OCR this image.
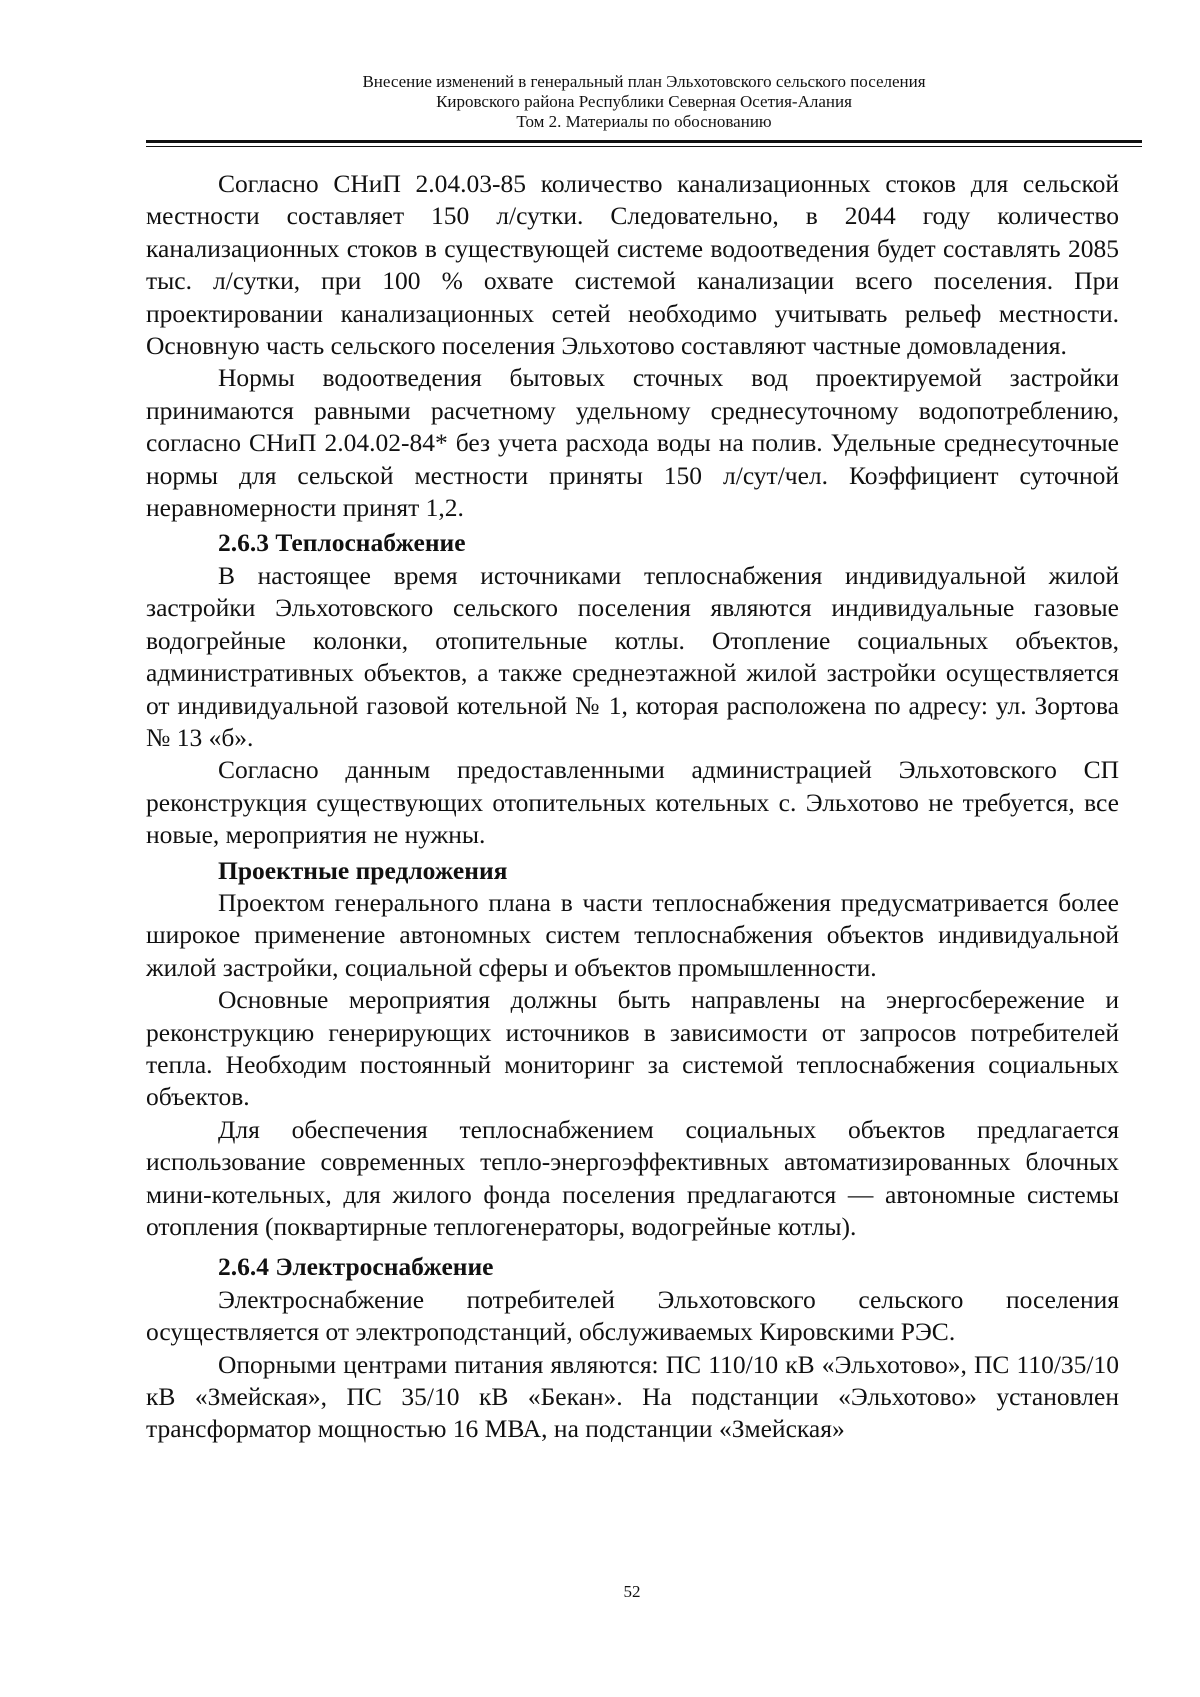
Внесение изменений в генеральный план Эльхотовского сельского поселения
Кировского района Республики Северная Осетия-Алания
Том 2. Материалы по обоснованию

Согласно СНиП 2.04.03-85 количество канализационных стоков для сельской местности составляет 150 л/сутки. Следовательно, в 2044 году количество канализационных стоков в существующей системе водоотведения будет составлять 2085 тыс. л/сутки, при 100 % охвате системой канализации всего поселения. При проектировании канализационных сетей необходимо учитывать рельеф местности. Основную часть сельского поселения Эльхотово составляют частные домовладения.

Нормы водоотведения бытовых сточных вод проектируемой застройки принимаются равными расчетному удельному среднесуточному водопотреблению, согласно СНиП 2.04.02-84* без учета расхода воды на полив. Удельные среднесуточные нормы для сельской местности приняты 150 л/сут/чел. Коэффициент суточной неравномерности принят 1,2.

2.6.3 Теплоснабжение

В настоящее время источниками теплоснабжения индивидуальной жилой застройки Эльхотовского сельского поселения являются индивидуальные газовые водогрейные колонки, отопительные котлы. Отопление социальных объектов, административных объектов, а также среднеэтажной жилой застройки осуществляется от индивидуальной газовой котельной № 1, которая расположена по адресу: ул. Зортова № 13 «б».

Согласно данным предоставленными администрацией Эльхотовского СП реконструкция существующих отопительных котельных с. Эльхотово не требуется, все новые, мероприятия не нужны.

Проектные предложения

Проектом генерального плана в части теплоснабжения предусматривается более широкое применение автономных систем теплоснабжения объектов индивидуальной жилой застройки, социальной сферы и объектов промышленности.

Основные мероприятия должны быть направлены на энергосбережение и реконструкцию генерирующих источников в зависимости от запросов потребителей тепла. Необходим постоянный мониторинг за системой теплоснабжения социальных объектов.

Для обеспечения теплоснабжением социальных объектов предлагается использование современных тепло-энергоэффективных автоматизированных блочных мини-котельных, для жилого фонда поселения предлагаются — автономные системы отопления (поквартирные теплогенераторы, водогрейные котлы).

2.6.4 Электроснабжение

Электроснабжение потребителей Эльхотовского сельского поселения осуществляется от электроподстанций, обслуживаемых Кировскими РЭС.

Опорными центрами питания являются: ПС 110/10 кВ «Эльхотово», ПС 110/35/10 кВ «Змейская», ПС 35/10 кВ «Бекан». На подстанции «Эльхотово» установлен трансформатор мощностью 16 МВА, на подстанции «Змейская»

52
